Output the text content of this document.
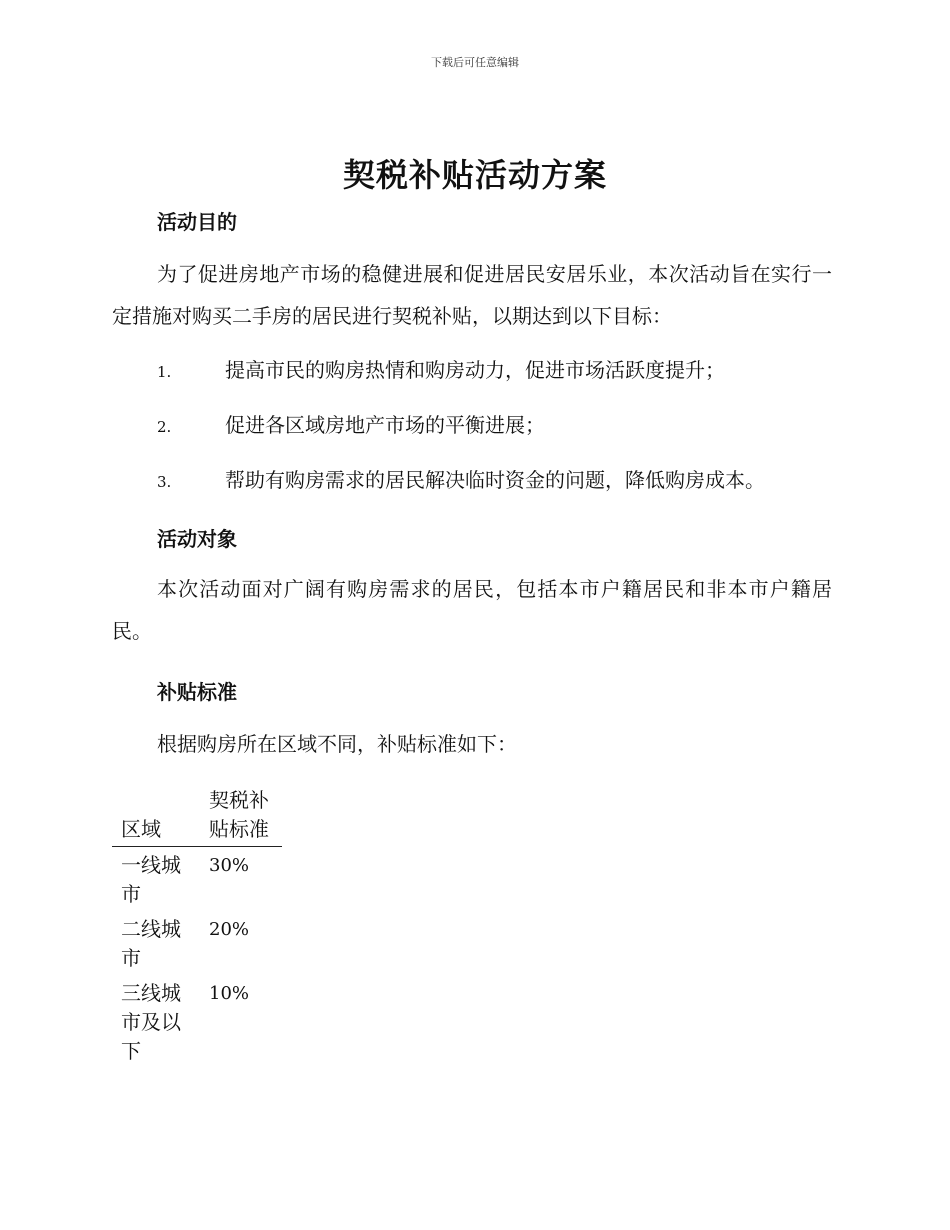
下载后可任意编辑
契税补贴活动方案
活动目的
为了促进房地产市场的稳健进展和促进居民安居乐业，本次活动旨在实行一定措施对购买二手房的居民进行契税补贴，以期达到以下目标：
1.	提高市民的购房热情和购房动力，促进市场活跃度提升；
2.	促进各区域房地产市场的平衡进展；
3.	帮助有购房需求的居民解决临时资金的问题，降低购房成本。
活动对象
本次活动面对广阔有购房需求的居民，包括本市户籍居民和非本市户籍居民。
补贴标准
根据购房所在区域不同，补贴标准如下：
区域	契税补贴标准
一线城市	30%
二线城市	20%
三线城市及以下	10%
